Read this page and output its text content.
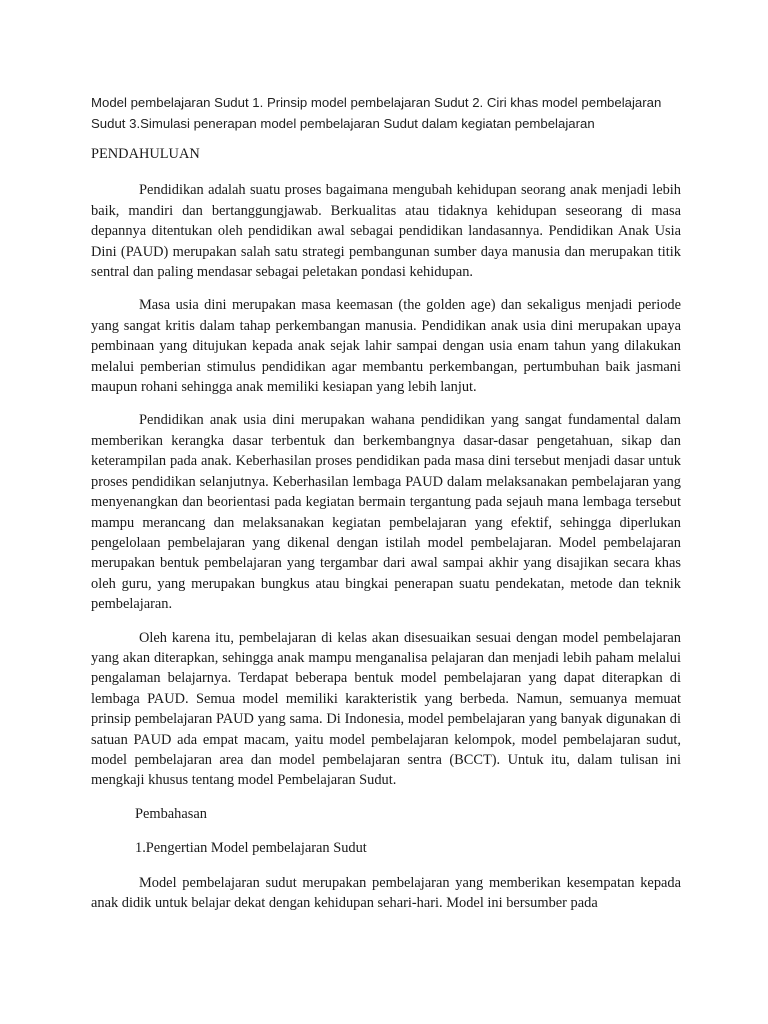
Model pembelajaran Sudut 1. Prinsip model pembelajaran Sudut 2. Ciri khas model pembelajaran Sudut 3.Simulasi penerapan model pembelajaran Sudut dalam kegiatan pembelajaran

PENDAHULUAN

Pendidikan adalah suatu proses bagaimana mengubah kehidupan seorang anak menjadi lebih baik, mandiri dan bertanggungjawab. Berkualitas atau tidaknya kehidupan seseorang di masa depannya ditentukan oleh pendidikan awal sebagai pendidikan landasannya. Pendidikan Anak Usia Dini (PAUD) merupakan salah satu strategi pembangunan sumber daya manusia dan merupakan titik sentral dan paling mendasar sebagai peletakan pondasi kehidupan.

Masa usia dini merupakan masa keemasan (the golden age) dan sekaligus menjadi periode yang sangat kritis dalam tahap perkembangan manusia. Pendidikan anak usia dini merupakan upaya pembinaan yang ditujukan kepada anak sejak lahir sampai dengan usia enam tahun yang dilakukan melalui pemberian stimulus pendidikan agar membantu perkembangan, pertumbuhan baik jasmani maupun rohani sehingga anak memiliki kesiapan yang lebih lanjut.

Pendidikan anak usia dini merupakan wahana pendidikan yang sangat fundamental dalam memberikan kerangka dasar terbentuk dan berkembangnya dasar-dasar pengetahuan, sikap dan keterampilan pada anak. Keberhasilan proses pendidikan pada masa dini tersebut menjadi dasar untuk proses pendidikan selanjutnya. Keberhasilan lembaga PAUD dalam melaksanakan pembelajaran yang menyenangkan dan beorientasi pada kegiatan bermain tergantung pada sejauh mana lembaga tersebut mampu merancang dan melaksanakan kegiatan pembelajaran yang efektif, sehingga diperlukan pengelolaan pembelajaran yang dikenal dengan istilah model pembelajaran. Model pembelajaran merupakan bentuk pembelajaran yang tergambar dari awal sampai akhir yang disajikan secara khas oleh guru, yang merupakan bungkus atau bingkai penerapan suatu pendekatan, metode dan teknik pembelajaran.

Oleh karena itu, pembelajaran di kelas akan disesuaikan sesuai dengan model pembelajaran yang akan diterapkan, sehingga anak mampu menganalisa pelajaran dan menjadi lebih paham melalui pengalaman belajarnya. Terdapat beberapa bentuk model pembelajaran yang dapat diterapkan di lembaga PAUD. Semua model memiliki karakteristik yang berbeda. Namun, semuanya memuat prinsip pembelajaran PAUD yang sama. Di Indonesia, model pembelajaran yang banyak digunakan di satuan PAUD ada empat macam, yaitu model pembelajaran kelompok, model pembelajaran sudut, model pembelajaran area dan model pembelajaran sentra (BCCT). Untuk itu, dalam tulisan ini mengkaji khusus tentang model Pembelajaran Sudut.

Pembahasan

1.Pengertian Model pembelajaran Sudut

Model pembelajaran sudut merupakan pembelajaran yang memberikan kesempatan kepada anak didik untuk belajar dekat dengan kehidupan sehari-hari. Model ini bersumber pada
